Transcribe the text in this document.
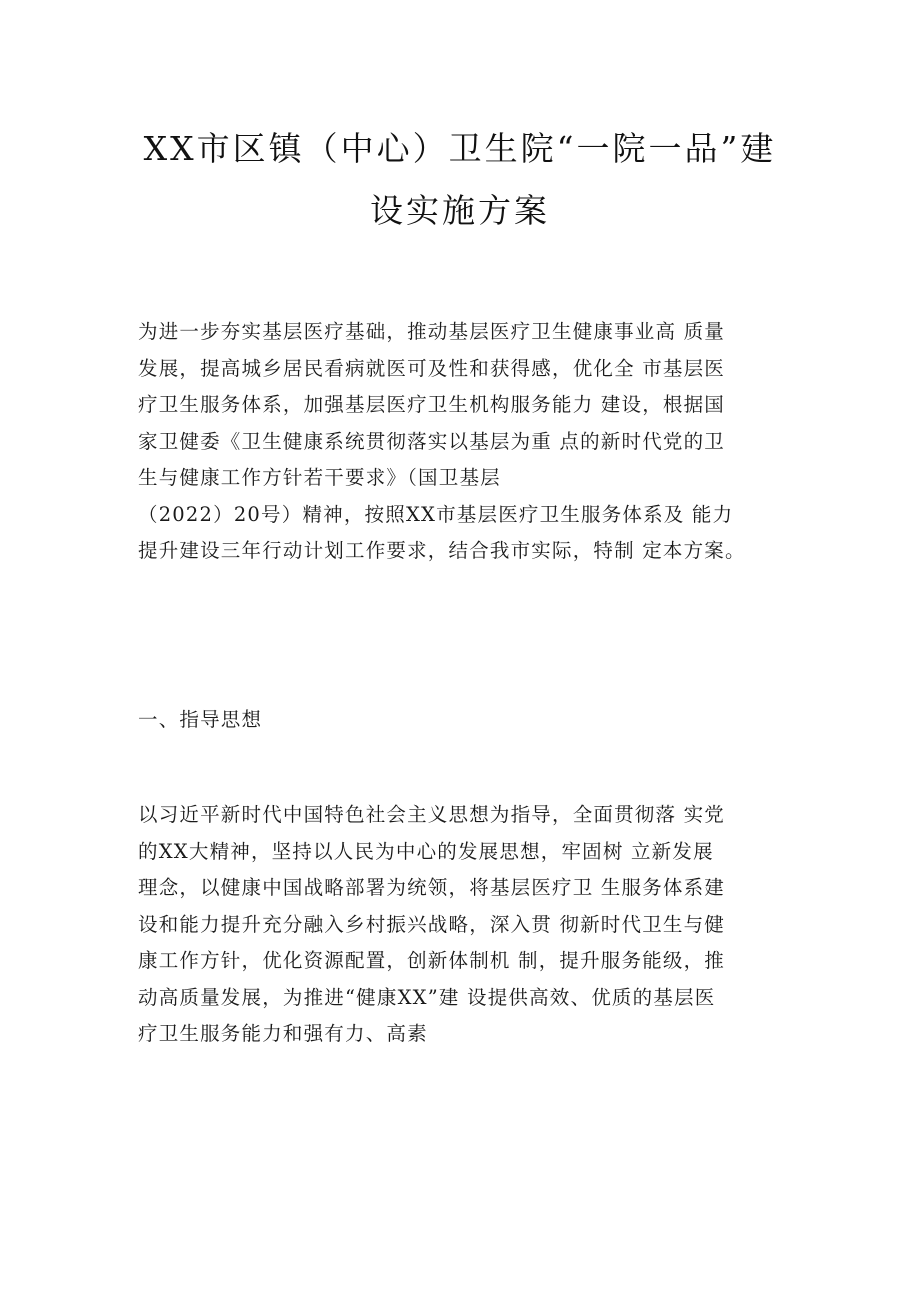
XX市区镇（中心）卫生院“一院一品”建
设实施方案

为进一步夯实基层医疗基础，推动基层医疗卫生健康事业高 质量
发展，提高城乡居民看病就医可及性和获得感，优化全 市基层医
疗卫生服务体系，加强基层医疗卫生机构服务能力 建设，根据国
家卫健委《卫生健康系统贯彻落实以基层为重 点的新时代党的卫
生与健康工作方针若干要求》（国卫基层
（2022）20号）精神，按照XX市基层医疗卫生服务体系及 能力
提升建设三年行动计划工作要求，结合我市实际，特制 定本方案。

一、指导思想

以习近平新时代中国特色社会主义思想为指导，全面贯彻落 实党
的XX大精神，坚持以人民为中心的发展思想，牢固树 立新发展
理念，以健康中国战略部署为统领，将基层医疗卫 生服务体系建
设和能力提升充分融入乡村振兴战略，深入贯 彻新时代卫生与健
康工作方针，优化资源配置，创新体制机 制，提升服务能级，推
动高质量发展，为推进“健康XX”建 设提供高效、优质的基层医
疗卫生服务能力和强有力、高素
